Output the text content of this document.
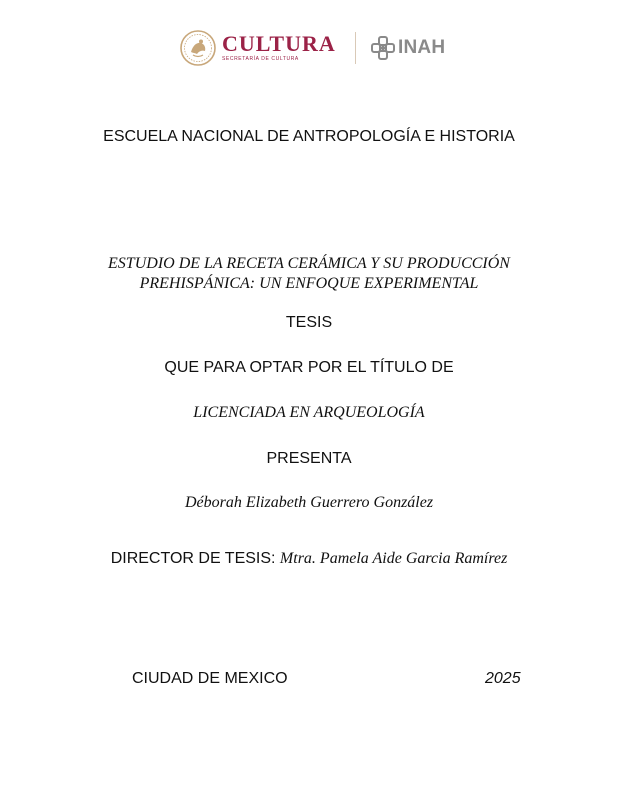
CULTURA
SECRETARÍA DE CULTURA
INAH
ESCUELA NACIONAL DE ANTROPOLOGÍA E HISTORIA
ESTUDIO DE LA RECETA CERÁMICA Y SU PRODUCCIÓN
PREHISPÁNICA: UN ENFOQUE EXPERIMENTAL
TESIS
QUE PARA OPTAR POR EL TÍTULO DE
LICENCIADA EN ARQUEOLOGÍA
PRESENTA
Déborah Elizabeth Guerrero González
DIRECTOR DE TESIS: Mtra. Pamela Aide Garcia Ramírez
CIUDAD DE MEXICO	2025
